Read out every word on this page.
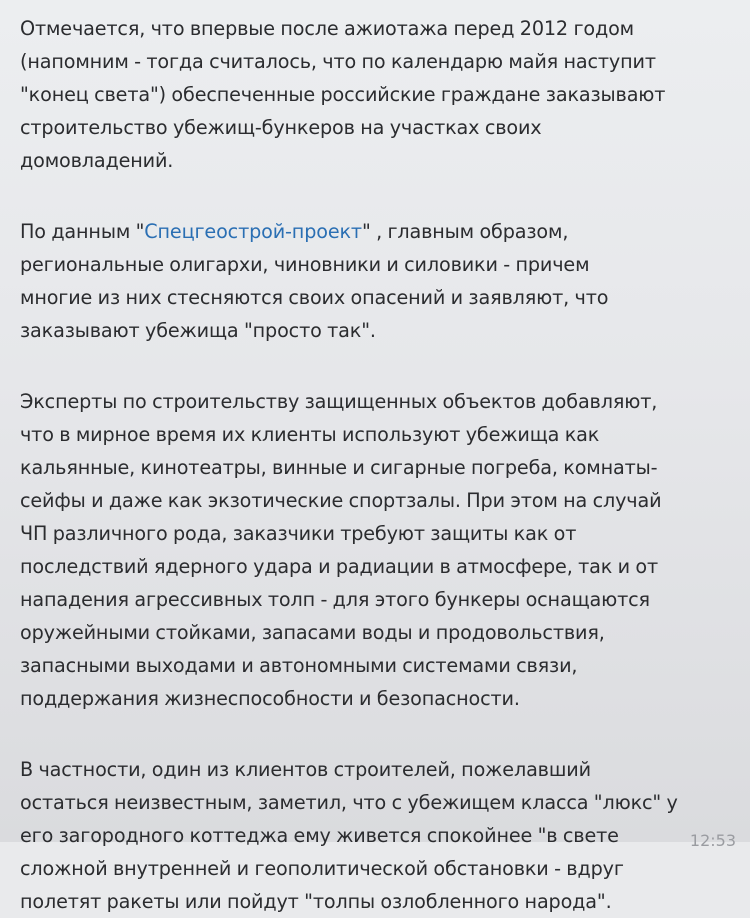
Отмечается, что впервые после ажиотажа перед 2012 годом
(напомним - тогда считалось, что по календарю майя наступит
"конец света") обеспеченные российские граждане заказывают
строительство убежищ-бункеров на участках своих
домовладений.
По данным "Спецгеострой-проект" , главным образом,
региональные олигархи, чиновники и силовики - причем
многие из них стесняются своих опасений и заявляют, что
заказывают убежища "просто так".
Эксперты по строительству защищенных объектов добавляют,
что в мирное время их клиенты используют убежища как
кальянные, кинотеатры, винные и сигарные погреба, комнаты-
сейфы и даже как экзотические спортзалы. При этом на случай
ЧП различного рода, заказчики требуют защиты как от
последствий ядерного удара и радиации в атмосфере, так и от
нападения агрессивных толп - для этого бункеры оснащаются
оружейными стойками, запасами воды и продовольствия,
запасными выходами и автономными системами связи,
поддержания жизнеспособности и безопасности.
В частности, один из клиентов строителей, пожелавший
остаться неизвестным, заметил, что с убежищем класса "люкс" у
его загородного коттеджа ему живется спокойнее "в свете
сложной внутренней и геополитической обстановки - вдруг
полетят ракеты или пойдут "толпы озлобленного народа".
12:53
